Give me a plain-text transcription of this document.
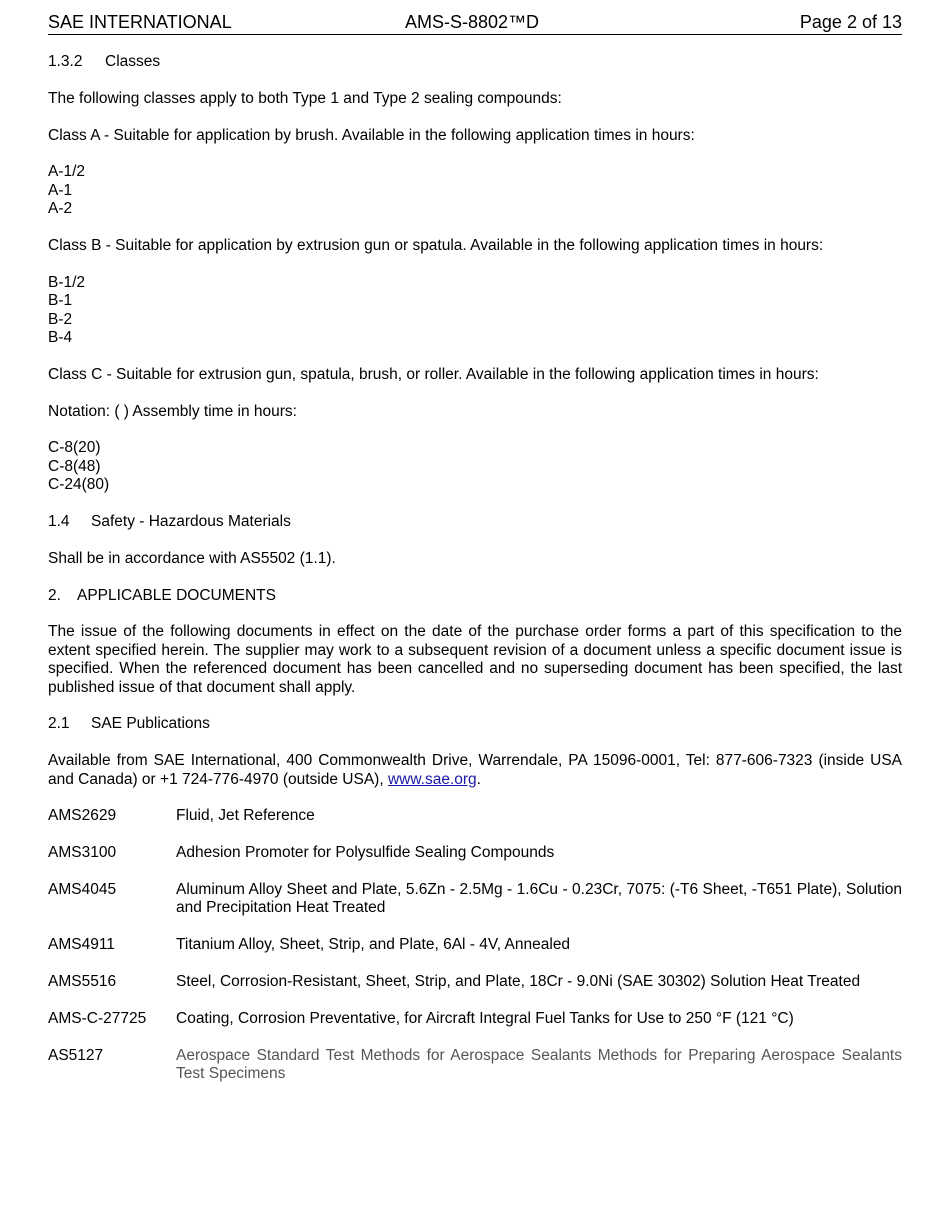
SAE INTERNATIONAL	AMS-S-8802™D	Page 2 of 13

1.3.2	Classes

The following classes apply to both Type 1 and Type 2 sealing compounds:

Class A - Suitable for application by brush. Available in the following application times in hours:

A-1/2

A-1

A-2

Class B - Suitable for application by extrusion gun or spatula. Available in the following application times in hours:

B-1/2

B-1

B-2

B-4

Class C - Suitable for extrusion gun, spatula, brush, or roller. Available in the following application times in hours:

Notation: ( ) Assembly time in hours:

C-8(20)

C-8(48)

C-24(80)

1.4	Safety - Hazardous Materials

Shall be in accordance with AS5502 (1.1).

2.	APPLICABLE DOCUMENTS

The issue of the following documents in effect on the date of the purchase order forms a part of this specification to the extent specified herein. The supplier may work to a subsequent revision of a document unless a specific document issue is specified. When the referenced document has been cancelled and no superseding document has been specified, the last published issue of that document shall apply.

2.1	SAE Publications

Available from SAE International, 400 Commonwealth Drive, Warrendale, PA 15096-0001, Tel: 877-606-7323 (inside USA and Canada) or +1 724-776-4970 (outside USA), www.sae.org.

AMS2629	Fluid, Jet Reference
AMS3100	Adhesion Promoter for Polysulfide Sealing Compounds
AMS4045	Aluminum Alloy Sheet and Plate, 5.6Zn - 2.5Mg - 1.6Cu - 0.23Cr, 7075: (-T6 Sheet, -T651 Plate), Solution and Precipitation Heat Treated
AMS4911	Titanium Alloy, Sheet, Strip, and Plate, 6Al - 4V, Annealed
AMS5516	Steel, Corrosion-Resistant, Sheet, Strip, and Plate, 18Cr - 9.0Ni (SAE 30302) Solution Heat Treated
AMS-C-27725	Coating, Corrosion Preventative, for Aircraft Integral Fuel Tanks for Use to 250 °F (121 °C)
AS5127	Aerospace Standard Test Methods for Aerospace Sealants Methods for Preparing Aerospace Sealants Test Specimens
